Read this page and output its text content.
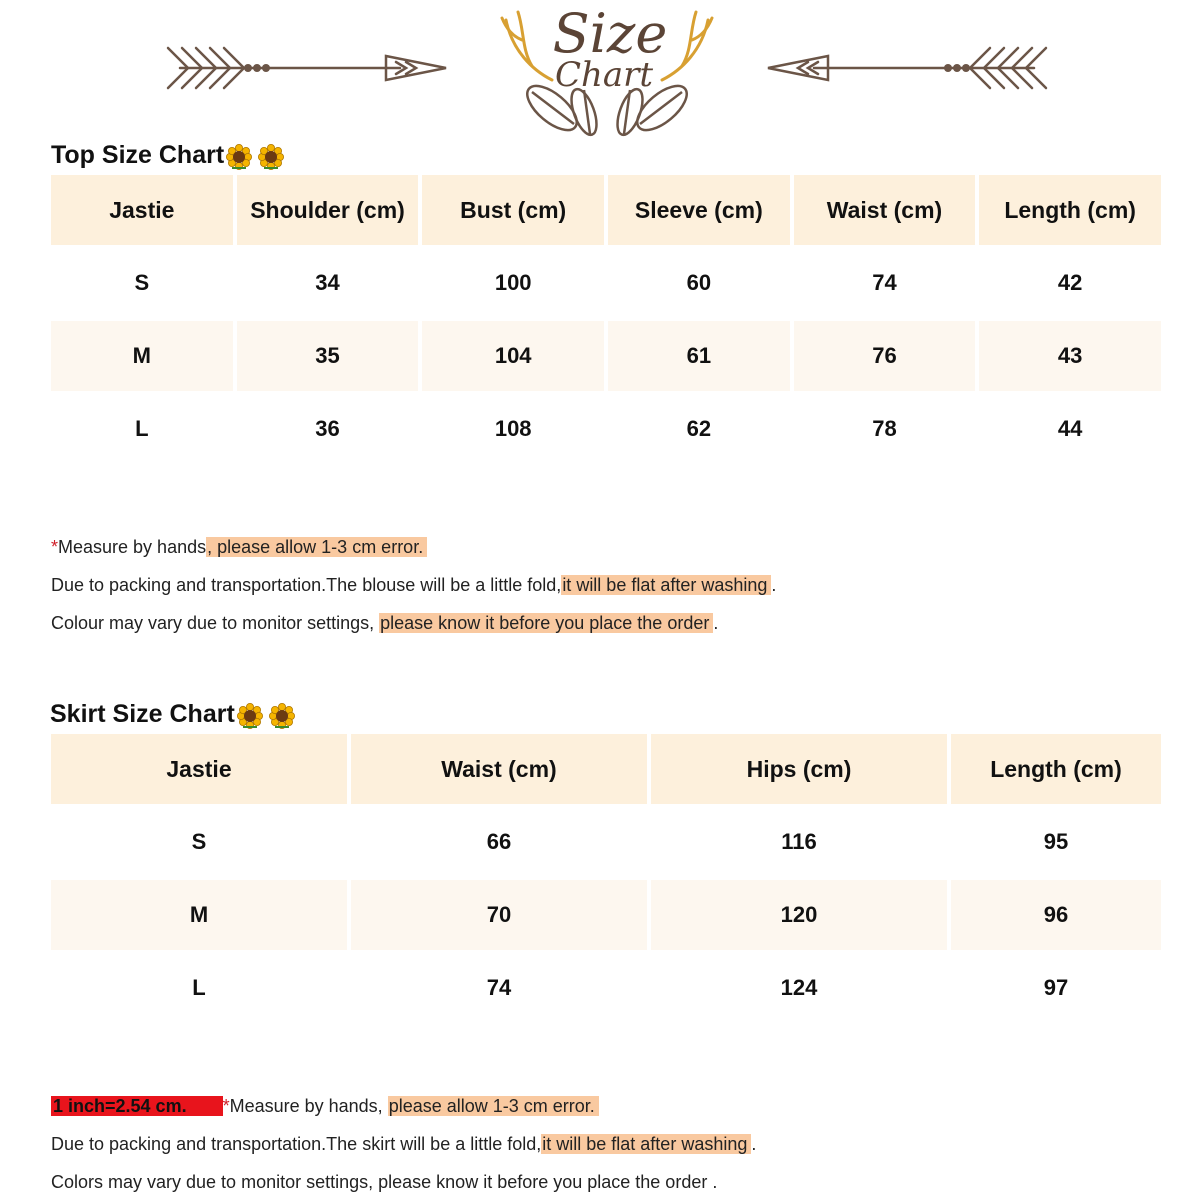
Size
Chart
Top Size Chart
Jastie	Shoulder (cm)	Bust (cm)	Sleeve (cm)	Waist (cm)	Length (cm)
S	34	100	60	74	42
M	35	104	61	76	43
L	36	108	62	78	44
*Measure by hands, please allow 1-3 cm error.
Due to packing and transportation.The blouse will be a little fold,it will be flat after washing .
Colour may vary due to monitor settings, please know it before you place the order .
Skirt Size Chart
Jastie	Waist (cm)	Hips (cm)	Length (cm)
S	66	116	95
M	70	120	96
L	74	124	97
1 inch=2.54 cm. *Measure by hands, please allow 1-3 cm error.
Due to packing and transportation.The skirt will be a little fold,it will be flat after washing .
Colors may vary due to monitor settings, please know it before you place the order .
